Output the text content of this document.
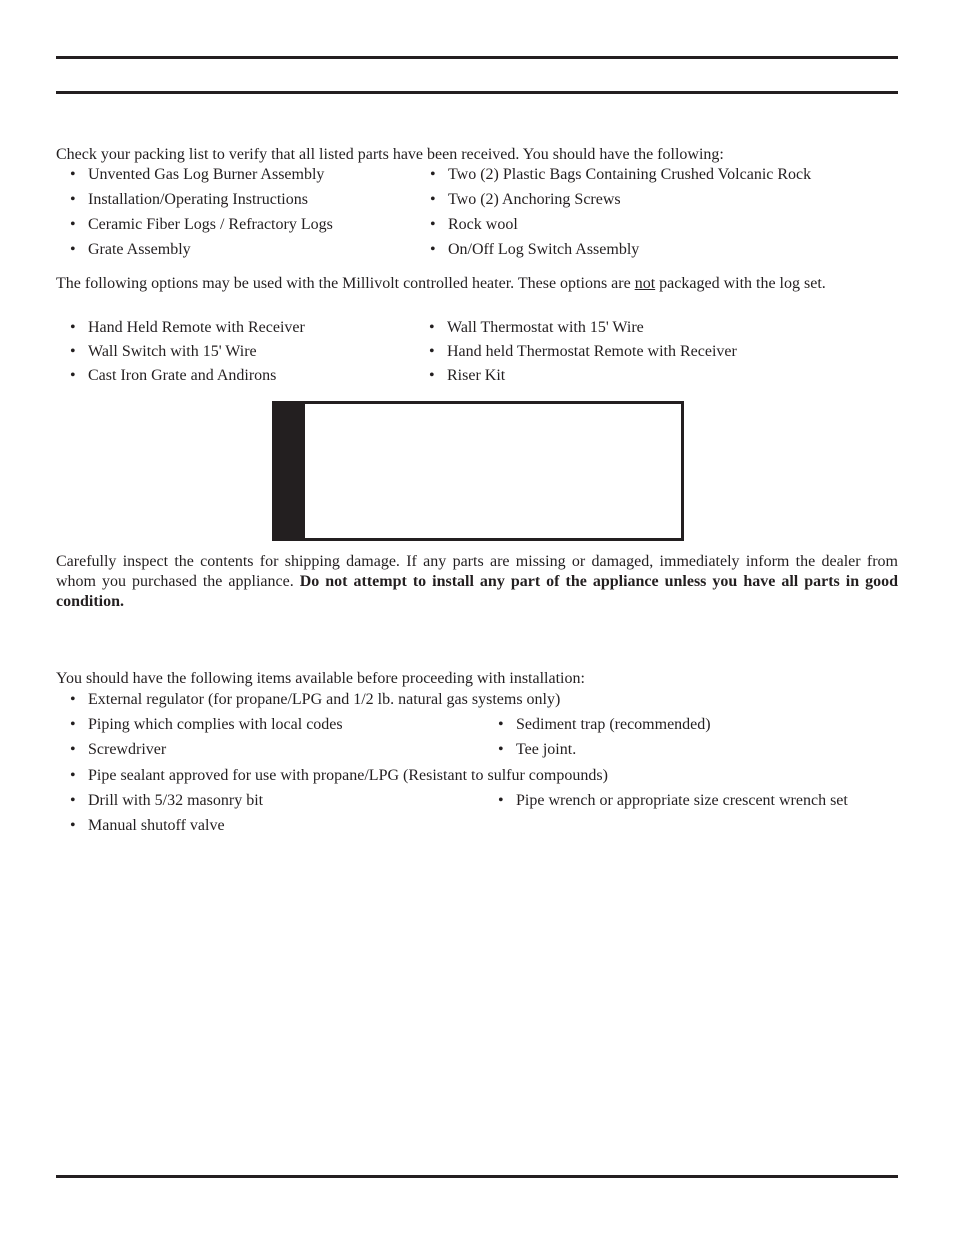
Check your packing list to verify that all listed parts have been received. You should have the following:

• Unvented Gas Log Burner Assembly
• Installation/Operating Instructions
• Ceramic Fiber Logs / Refractory Logs
• Grate Assembly
• Two (2) Plastic Bags Containing Crushed Volcanic Rock
• Two (2) Anchoring Screws
• Rock wool
• On/Off Log Switch Assembly

The following options may be used with the Millivolt controlled heater. These options are not packaged with the log set.

• Hand Held Remote with Receiver
• Wall Switch with 15' Wire
• Cast Iron Grate and Andirons
• Wall Thermostat with 15' Wire
• Hand held Thermostat Remote with Receiver
• Riser Kit

Carefully inspect the contents for shipping damage. If any parts are missing or damaged, immediately inform the dealer from whom you purchased the appliance. Do not attempt to install any part of the appliance unless you have all parts in good condition.

You should have the following items available before proceeding with installation:

• External regulator (for propane/LPG and 1/2 lb. natural gas systems only)
• Piping which complies with local codes	• Sediment trap (recommended)
• Screwdriver	• Tee joint.
• Pipe sealant approved for use with propane/LPG (Resistant to sulfur compounds)
• Drill with 5/32 masonry bit	• Pipe wrench or appropriate size crescent wrench set
• Manual shutoff valve
